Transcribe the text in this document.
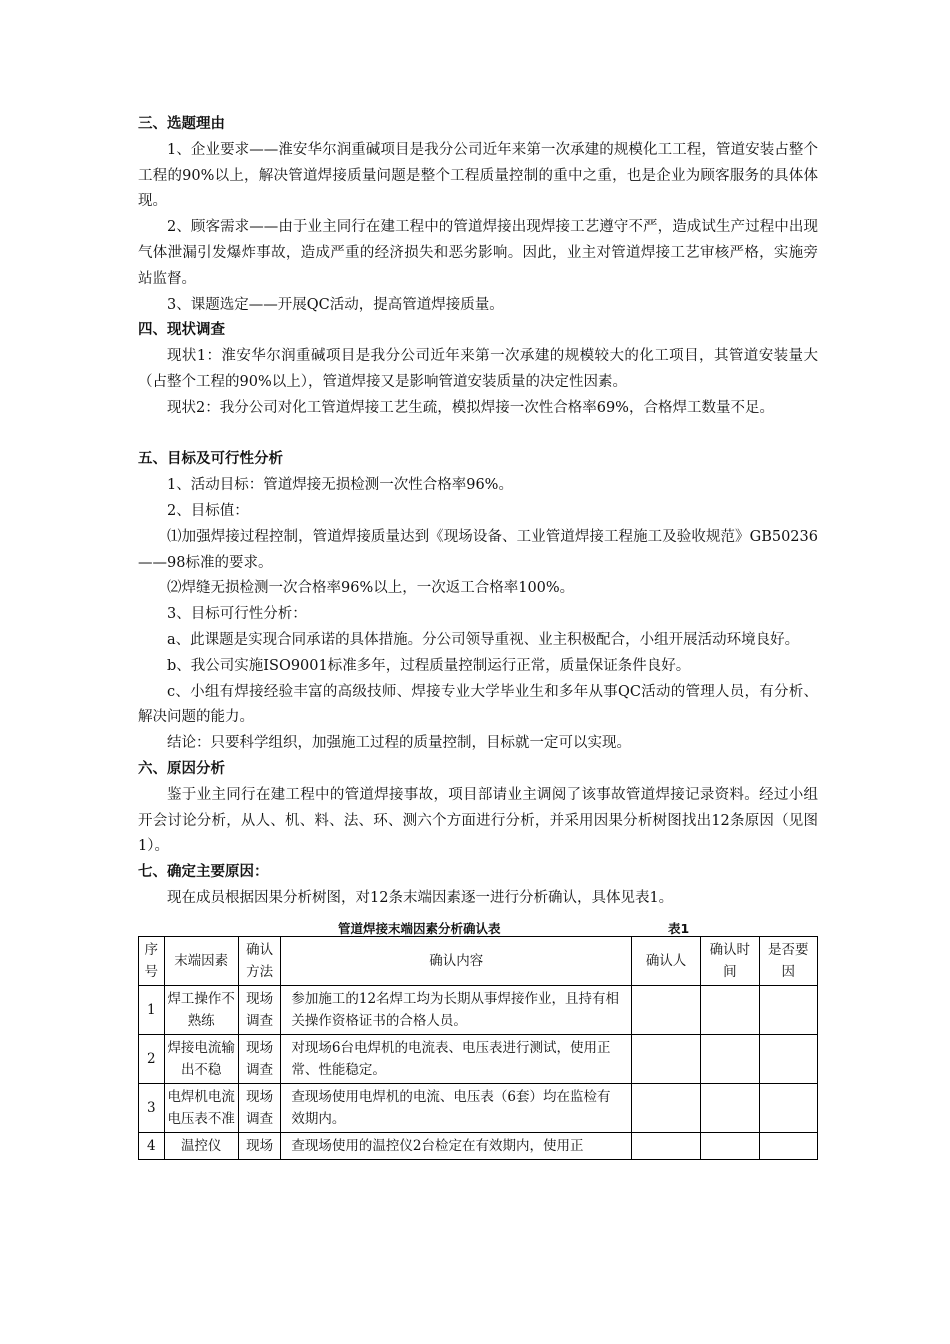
三、选题理由
1、企业要求——淮安华尔润重碱项目是我分公司近年来第一次承建的规模化工工程，管道安装占整个工程的90%以上，解决管道焊接质量问题是整个工程质量控制的重中之重，也是企业为顾客服务的具体体现。
2、顾客需求——由于业主同行在建工程中的管道焊接出现焊接工艺遵守不严，造成试生产过程中出现气体泄漏引发爆炸事故，造成严重的经济损失和恶劣影响。因此，业主对管道焊接工艺审核严格，实施旁站监督。
3、课题选定——开展QC活动，提高管道焊接质量。
四、现状调查
现状1：淮安华尔润重碱项目是我分公司近年来第一次承建的规模较大的化工项目，其管道安装量大（占整个工程的90%以上），管道焊接又是影响管道安装质量的决定性因素。
现状2：我分公司对化工管道焊接工艺生疏，模拟焊接一次性合格率69%，合格焊工数量不足。
五、目标及可行性分析
1、活动目标：管道焊接无损检测一次性合格率96%。
2、目标值：
⑴加强焊接过程控制，管道焊接质量达到《现场设备、工业管道焊接工程施工及验收规范》GB50236——98标准的要求。
⑵焊缝无损检测一次合格率96%以上，一次返工合格率100%。
3、目标可行性分析：
a、此课题是实现合同承诺的具体措施。分公司领导重视、业主积极配合，小组开展活动环境良好。
b、我公司实施ISO9001标准多年，过程质量控制运行正常，质量保证条件良好。
c、小组有焊接经验丰富的高级技师、焊接专业大学毕业生和多年从事QC活动的管理人员，有分析、解决问题的能力。
结论：只要科学组织，加强施工过程的质量控制，目标就一定可以实现。
六、原因分析
鉴于业主同行在建工程中的管道焊接事故，项目部请业主调阅了该事故管道焊接记录资料。经过小组开会讨论分析，从人、机、料、法、环、测六个方面进行分析，并采用因果分析树图找出12条原因（见图1）。
七、确定主要原因：
现在成员根据因果分析树图，对12条末端因素逐一进行分析确认，具体见表1。
管道焊接末端因素分析确认表	表1
序号	末端因素	确认方法	确认内容	确认人	确认时间	是否要因
1	焊工操作不熟练	现场调查	参加施工的12名焊工均为长期从事焊接作业，且持有相关操作资格证书的合格人员。			
2	焊接电流输出不稳	现场调查	对现场6台电焊机的电流表、电压表进行测试，使用正常、性能稳定。			
3	电焊机电流电压表不准	现场调查	查现场使用电焊机的电流、电压表（6套）均在监检有效期内。			
4	温控仪	现场	查现场使用的温控仪2台检定在有效期内，使用正			
